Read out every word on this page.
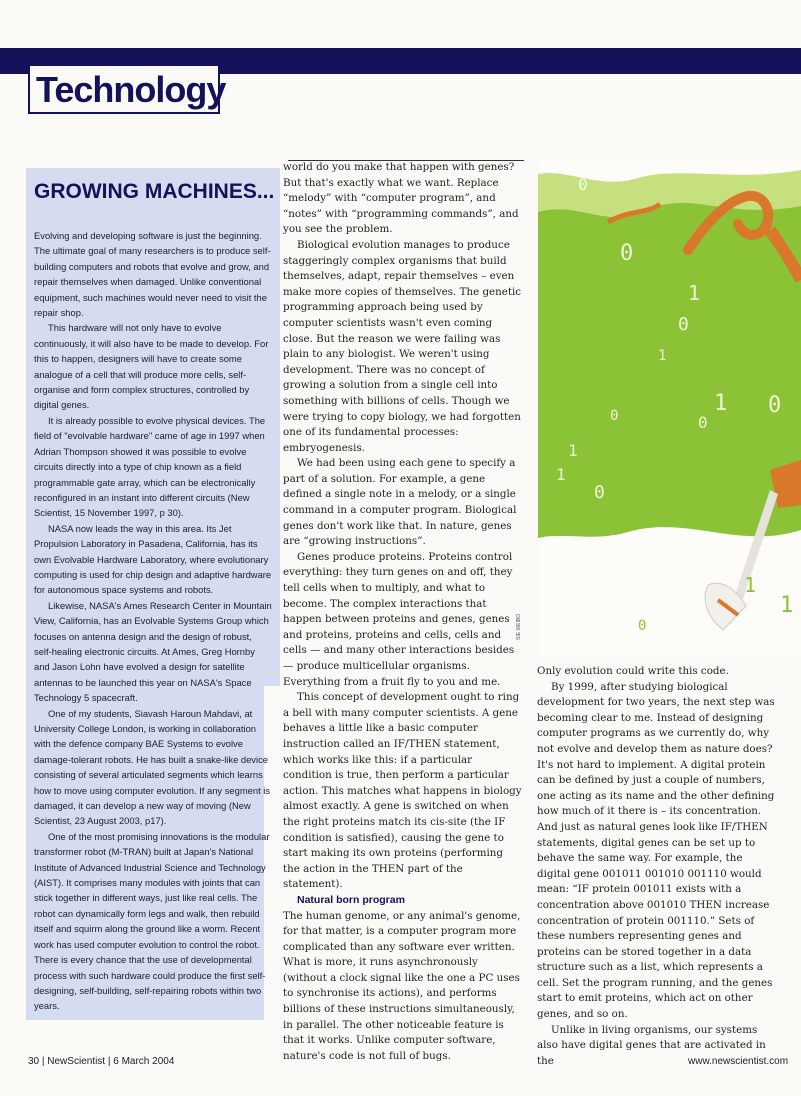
Technology
GROWING MACHINES...

Evolving and developing software is just the beginning. The ultimate goal of many researchers is to produce self-building computers and robots that evolve and grow, and repair themselves when damaged. Unlike conventional equipment, such machines would never need to visit the repair shop.

This hardware will not only have to evolve continuously, it will also have to be made to develop. For this to happen, designers will have to create some analogue of a cell that will produce more cells, self-organise and form complex structures, controlled by digital genes.

It is already possible to evolve physical devices. The field of "evolvable hardware" came of age in 1997 when Adrian Thompson showed it was possible to evolve circuits directly into a type of chip known as a field programmable gate array, which can be electronically reconfigured in an instant into different circuits (New Scientist, 15 November 1997, p 30).

NASA now leads the way in this area. Its Jet Propulsion Laboratory in Pasadena, California, has its own Evolvable Hardware Laboratory, where evolutionary computing is used for chip design and adaptive hardware for autonomous space systems and robots.

Likewise, NASA's Ames Research Center in Mountain View, California, has an Evolvable Systems Group which focuses on antenna design and the design of robust, self-healing electronic circuits. At Ames, Greg Hornby and Jason Lohn have evolved a design for satellite antennas to be launched this year on NASA's Space Technology 5 spacecraft.

One of my students, Siavash Haroun Mahdavi, at University College London, is working in collaboration with the defence company BAE Systems to evolve damage-tolerant robots. He has built a snake-like device consisting of several articulated segments which learns how to move using computer evolution. If any segment is damaged, it can develop a new way of moving (New Scientist, 23 August 2003, p17).

One of the most promising innovations is the modular transformer robot (M-TRAN) built at Japan's National Institute of Advanced Industrial Science and Technology (AIST). It comprises many modules with joints that can stick together in different ways, just like real cells. The robot can dynamically form legs and walk, then rebuild itself and squirm along the ground like a worm. Recent work has used computer evolution to control the robot. There is every chance that the use of developmental process with such hardware could produce the first self-designing, self-building, self-repairing robots within two years.

world do you make that happen with genes? But that's exactly what we want. Replace “melody” with “computer program”, and “notes” with “programming commands”, and you see the problem.

Biological evolution manages to produce staggeringly complex organisms that build themselves, adapt, repair themselves – even make more copies of themselves. The genetic programming approach being used by computer scientists wasn't even coming close. But the reason we were failing was plain to any biologist. We weren't using development. There was no concept of growing a solution from a single cell into something with billions of cells. Though we were trying to copy biology, we had forgotten one of its fundamental processes: embryogenesis.

We had been using each gene to specify a part of a solution. For example, a gene defined a single note in a melody, or a single command in a computer program. Biological genes don't work like that. In nature, genes are “growing instructions”.

Genes produce proteins. Proteins control everything: they turn genes on and off, they tell cells when to multiply, and what to become. The complex interactions that happen between proteins and genes, genes and proteins, proteins and cells, cells and cells — and many other interactions besides — produce multicellular organisms. Everything from a fruit fly to you and me.

This concept of development ought to ring a bell with many computer scientists. A gene behaves a little like a basic computer instruction called an IF/THEN statement, which works like this: if a particular condition is true, then perform a particular action. This matches what happens in biology almost exactly. A gene is switched on when the right proteins match its cis-site (the IF condition is satisfied), causing the gene to start making its own proteins (performing the action in the THEN part of the statement).

Natural born program

The human genome, or any animal's genome, for that matter, is a computer program more complicated than any software ever written. What is more, it runs asynchronously (without a clock signal like the one a PC uses to synchronise its actions), and performs billions of these instructions simultaneously, in parallel. The other noticeable feature is that it works. Unlike computer software, nature's code is not full of bugs.

0
1
1
0
0
1
0
1
0
1
1
0
0
1
0
SIE WEIBO

Only evolution could write this code.

By 1999, after studying biological development for two years, the next step was becoming clear to me. Instead of designing computer programs as we currently do, why not evolve and develop them as nature does? It's not hard to implement. A digital protein can be defined by just a couple of numbers, one acting as its name and the other defining how much of it there is – its concentration. And just as natural genes look like IF/THEN statements, digital genes can be set up to behave the same way. For example, the digital gene 001011 001010 001110 would mean: “IF protein 001011 exists with a concentration above 001010 THEN increase concentration of protein 001110.” Sets of these numbers representing genes and proteins can be stored together in a data structure such as a list, which represents a cell. Set the program running, and the genes start to emit proteins, which act on other genes, and so on.

Unlike in living organisms, our systems also have digital genes that are activated in the

30 | NewScientist | 6 March 2004	www.newscientist.com
